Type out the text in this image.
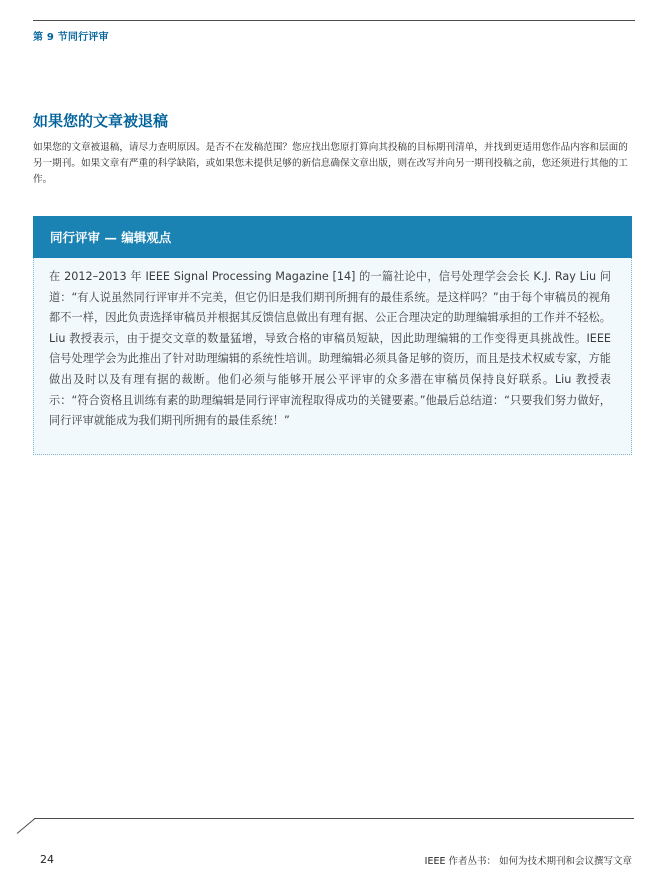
第 9 节同行评审
如果您的文章被退稿

如果您的文章被退稿，请尽力查明原因。是否不在发稿范围？您应找出您原打算向其投稿的目标期刊清单，并找到更适用您作品内容和层面的另一期刊。如果文章有严重的科学缺陷，或如果您未提供足够的新信息确保文章出版，则在改写并向另一期刊投稿之前，您还须进行其他的工作。

同行评审 — 编辑观点

在 2012–2013 年 IEEE Signal Processing Magazine [14] 的一篇社论中，信号处理学会会长 K.J. Ray Liu 问道：“有人说虽然同行评审并不完美，但它仍旧是我们期刊所拥有的最佳系统。是这样吗？”由于每个审稿员的视角都不一样，因此负责选择审稿员并根据其反馈信息做出有理有据、公正合理决定的助理编辑承担的工作并不轻松。Liu 教授表示，由于提交文章的数量猛增，导致合格的审稿员短缺，因此助理编辑的工作变得更具挑战性。IEEE 信号处理学会为此推出了针对助理编辑的系统性培训。助理编辑必须具备足够的资历，而且是技术权威专家，方能做出及时以及有理有据的裁断。他们必须与能够开展公平评审的众多潜在审稿员保持良好联系。Liu 教授表示：“符合资格且训练有素的助理编辑是同行评审流程取得成功的关键要素。”他最后总结道：“只要我们努力做好，同行评审就能成为我们期刊所拥有的最佳系统！”

24	IEEE 作者丛书： 如何为技术期刊和会议撰写文章
